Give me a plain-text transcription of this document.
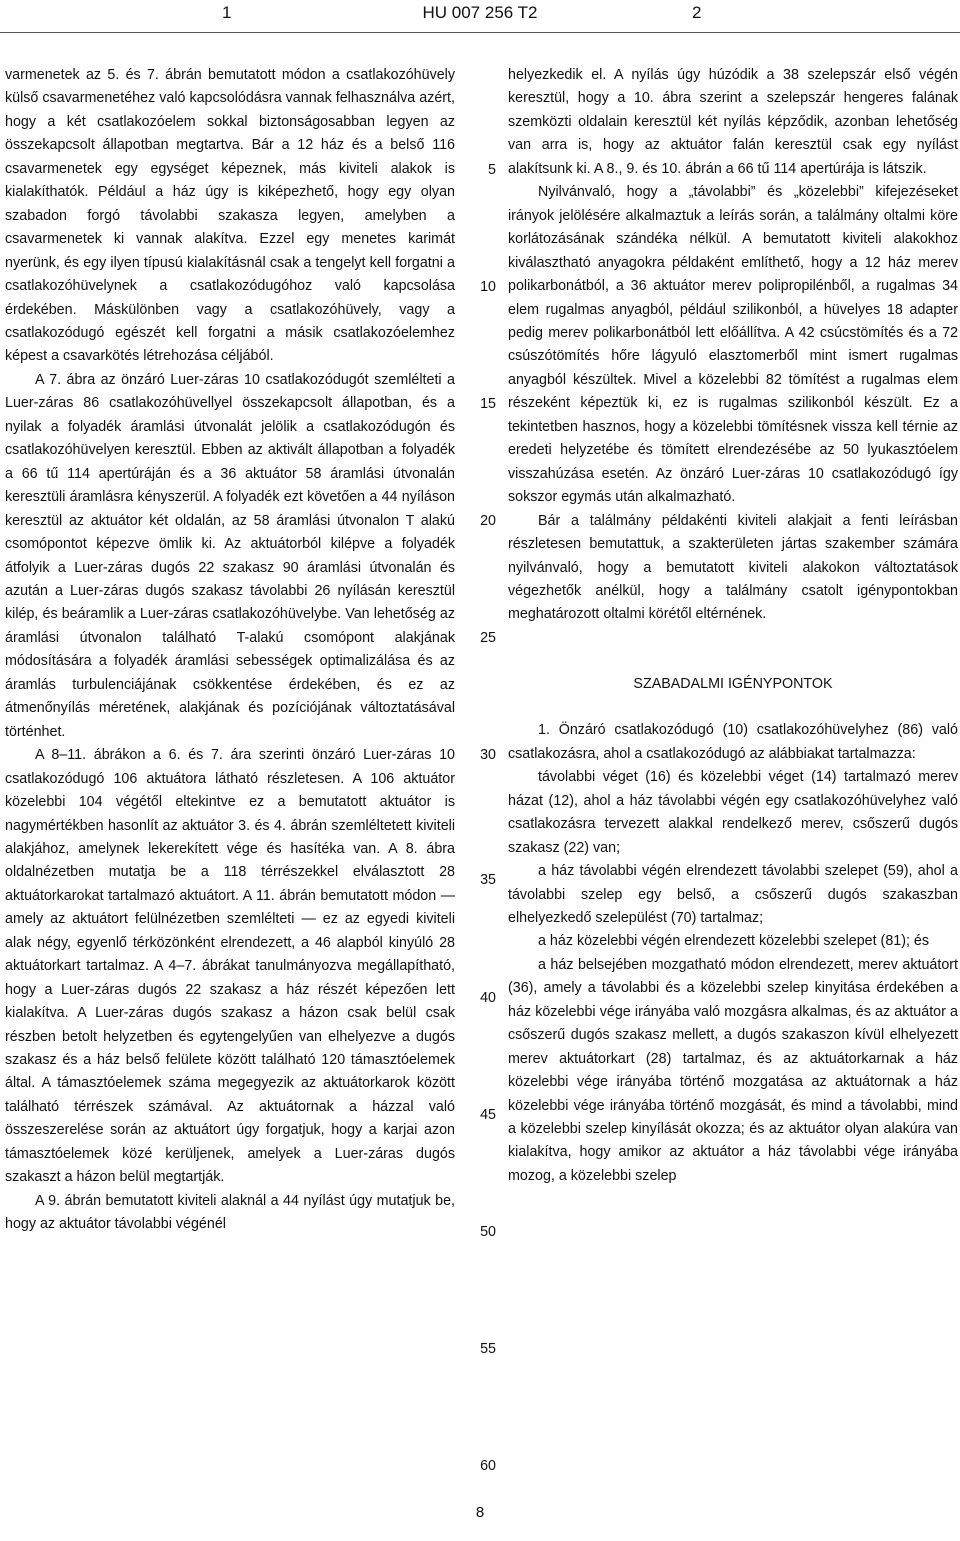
1	HU 007 256 T2	2

varmenetek az 5. és 7. ábrán bemutatott módon a csatlakozóhüvely külső csavarmenetéhez való kapcsolódásra vannak felhasználva azért, hogy a két csatlakozóelem sokkal biztonságosabban legyen az összekapcsolt állapotban megtartva. Bár a 12 ház és a belső 116 csavarmenetek egy egységet képeznek, más kiviteli alakok is kialakíthatók. Például a ház úgy is kiképezhető, hogy egy olyan szabadon forgó távolabbi szakasza legyen, amelyben a csavarmenetek ki vannak alakítva. Ezzel egy menetes karimát nyerünk, és egy ilyen típusú kialakításnál csak a tengelyt kell forgatni a csatlakozóhüvelynek a csatlakozódugóhoz való kapcsolása érdekében. Máskülönben vagy a csatlakozóhüvely, vagy a csatlakozódugó egészét kell forgatni a másik csatlakozóelemhez képest a csavarkötés létrehozása céljából.

A 7. ábra az önzáró Luer-záras 10 csatlakozódugót szemlélteti a Luer-záras 86 csatlakozóhüvellyel összekapcsolt állapotban, és a nyilak a folyadék áramlási útvonalát jelölik a csatlakozódugón és csatlakozóhüvelyen keresztül. Ebben az aktivált állapotban a folyadék a 66 tű 114 apertúráján és a 36 aktuátor 58 áramlási útvonalán keresztüli áramlásra kényszerül. A folyadék ezt követően a 44 nyíláson keresztül az aktuátor két oldalán, az 58 áramlási útvonalon T alakú csomópontot képezve ömlik ki. Az aktuátorból kilépve a folyadék átfolyik a Luer-záras dugós 22 szakasz 90 áramlási útvonalán és azután a Luer-záras dugós szakasz távolabbi 26 nyílásán keresztül kilép, és beáramlik a Luer-záras csatlakozóhüvelybe. Van lehetőség az áramlási útvonalon található T-alakú csomópont alakjának módosítására a folyadék áramlási sebességek optimalizálása és az áramlás turbulenciájának csökkentése érdekében, és ez az átmenőnyílás méretének, alakjának és pozíciójának változtatásával történhet.

A 8–11. ábrákon a 6. és 7. ára szerinti önzáró Luer-záras 10 csatlakozódugó 106 aktuátora látható részletesen. A 106 aktuátor közelebbi 104 végétől eltekintve ez a bemutatott aktuátor is nagymértékben hasonlít az aktuátor 3. és 4. ábrán szemléltetett kiviteli alakjához, amelynek lekerekített vége és hasítéka van. A 8. ábra oldalnézetben mutatja be a 118 térrészekkel elválasztott 28 aktuátorkarokat tartalmazó aktuátort. A 11. ábrán bemutatott módon — amely az aktuátort felülnézetben szemlélteti — ez az egyedi kiviteli alak négy, egyenlő térközönként elrendezett, a 46 alapból kinyúló 28 aktuátorkart tartalmaz. A 4–7. ábrákat tanulmányozva megállapítható, hogy a Luer-záras dugós 22 szakasz a ház részét képezően lett kialakítva. A Luer-záras dugós szakasz a házon csak belül csak részben betolt helyzetben és egytengelyűen van elhelyezve a dugós szakasz és a ház belső felülete között található 120 támasztóelemek által. A támasztóelemek száma megegyezik az aktuátorkarok között található térrészek számával. Az aktuátornak a házzal való összeszerelése során az aktuátort úgy forgatjuk, hogy a karjai azon támasztóelemek közé kerüljenek, amelyek a Luer-záras dugós szakaszt a házon belül megtartják.

A 9. ábrán bemutatott kiviteli alaknál a 44 nyílást úgy mutatjuk be, hogy az aktuátor távolabbi végénél

5
10
15
20
25
30
35
40
45
50
55
60

helyezkedik el. A nyílás úgy húzódik a 38 szelepszár első végén keresztül, hogy a 10. ábra szerint a szelepszár hengeres falának szemközti oldalain keresztül két nyílás képződik, azonban lehetőség van arra is, hogy az aktuátor falán keresztül csak egy nyílást alakítsunk ki. A 8., 9. és 10. ábrán a 66 tű 114 apertúrája is látszik.

Nyilvánvaló, hogy a „távolabbi” és „közelebbi” kifejezéseket irányok jelölésére alkalmaztuk a leírás során, a találmány oltalmi köre korlátozásának szándéka nélkül. A bemutatott kiviteli alakokhoz kiválasztható anyagokra példaként említhető, hogy a 12 ház merev polikarbonátból, a 36 aktuátor merev polipropilénből, a rugalmas 34 elem rugalmas anyagból, például szilikonból, a hüvelyes 18 adapter pedig merev polikarbonátból lett előállítva. A 42 csúcstömítés és a 72 csúszótömítés hőre lágyuló elasztomerből mint ismert rugalmas anyagból készültek. Mivel a közelebbi 82 tömítést a rugalmas elem részeként képeztük ki, ez is rugalmas szilikonból készült. Ez a tekintetben hasznos, hogy a közelebbi tömítésnek vissza kell térnie az eredeti helyzetébe és tömített elrendezésébe az 50 lyukasztóelem visszahúzása esetén. Az önzáró Luer-záras 10 csatlakozódugó így sokszor egymás után alkalmazható.

Bár a találmány példakénti kiviteli alakjait a fenti leírásban részletesen bemutattuk, a szakterületen jártas szakember számára nyilvánvaló, hogy a bemutatott kiviteli alakokon változtatások végezhetők anélkül, hogy a találmány csatolt igénypontokban meghatározott oltalmi körétől eltérnének.

SZABADALMI IGÉNYPONTOK

1. Önzáró csatlakozódugó (10) csatlakozóhüvelyhez (86) való csatlakozásra, ahol a csatlakozódugó az alábbiakat tartalmazza:

távolabbi véget (16) és közelebbi véget (14) tartalmazó merev házat (12), ahol a ház távolabbi végén egy csatlakozóhüvelyhez való csatlakozásra tervezett alakkal rendelkező merev, csőszerű dugós szakasz (22) van;

a ház távolabbi végén elrendezett távolabbi szelepet (59), ahol a távolabbi szelep egy belső, a csőszerű dugós szakaszban elhelyezkedő szelepülést (70) tartalmaz;

a ház közelebbi végén elrendezett közelebbi szelepet (81); és

a ház belsejében mozgatható módon elrendezett, merev aktuátort (36), amely a távolabbi és a közelebbi szelep kinyitása érdekében a ház közelebbi vége irányába való mozgásra alkalmas, és az aktuátor a csőszerű dugós szakasz mellett, a dugós szakaszon kívül elhelyezett merev aktuátorkart (28) tartalmaz, és az aktuátorkarnak a ház közelebbi vége irányába történő mozgatása az aktuátornak a ház közelebbi vége irányába történő mozgását, és mind a távolabbi, mind a közelebbi szelep kinyílását okozza; és az aktuátor olyan alakúra van kialakítva, hogy amikor az aktuátor a ház távolabbi vége irányába mozog, a közelebbi szelep

8
